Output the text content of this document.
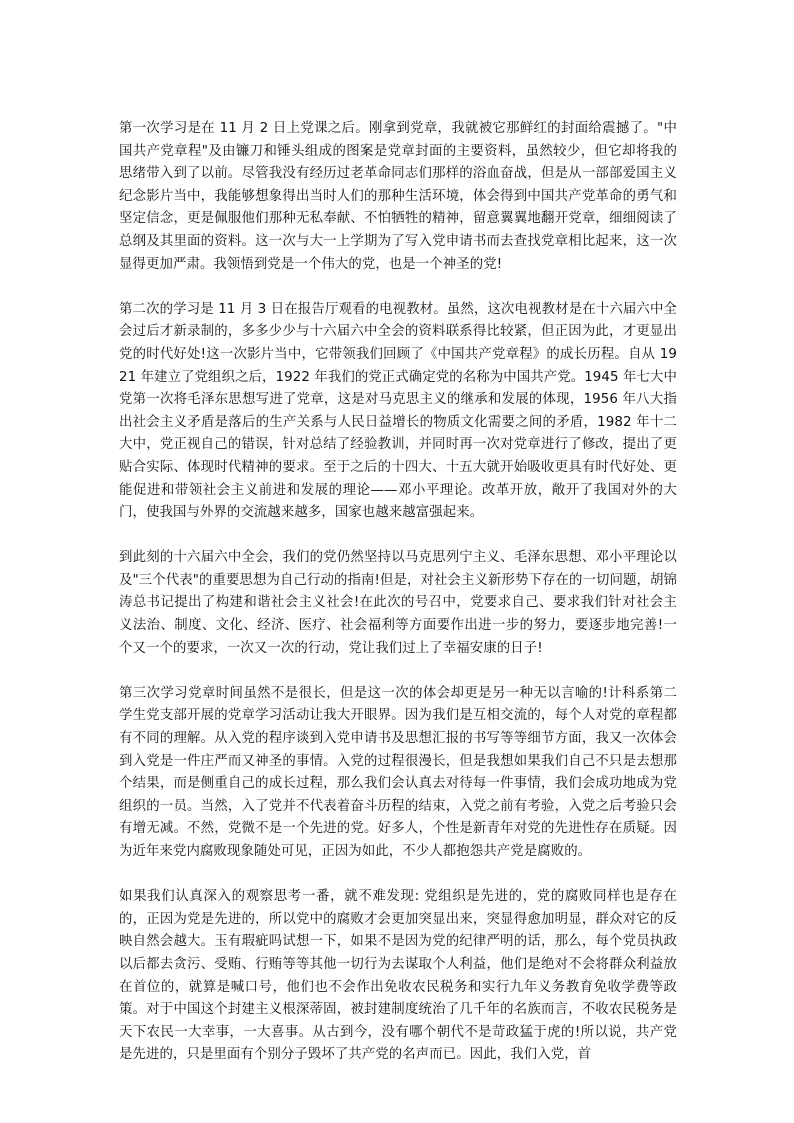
第一次学习是在 11 月 2 日上党课之后。刚拿到党章，我就被它那鲜红的封面给震撼了。"中国共产党章程"及由镰刀和锤头组成的图案是党章封面的主要资料，虽然较少，但它却将我的思绪带入到了以前。尽管我没有经历过老革命同志们那样的浴血奋战，但是从一部部爱国主义纪念影片当中，我能够想象得出当时人们的那种生活环境，体会得到中国共产党革命的勇气和坚定信念，更是佩服他们那种无私奉献、不怕牺牲的精神，留意翼翼地翻开党章，细细阅读了总纲及其里面的资料。这一次与大一上学期为了写入党申请书而去查找党章相比起来，这一次显得更加严肃。我领悟到党是一个伟大的党，也是一个神圣的党!

第二次的学习是 11 月 3 日在报告厅观看的电视教材。虽然，这次电视教材是在十六届六中全会过后才新录制的，多多少少与十六届六中全会的资料联系得比较紧，但正因为此，才更显出党的时代好处!这一次影片当中，它带领我们回顾了《中国共产党章程》的成长历程。自从 1921 年建立了党组织之后，1922 年我们的党正式确定党的名称为中国共产党。1945 年七大中党第一次将毛泽东思想写进了党章，这是对马克思主义的继承和发展的体现，1956 年八大指出社会主义矛盾是落后的生产关系与人民日益增长的物质文化需要之间的矛盾，1982 年十二大中，党正视自己的错误，针对总结了经验教训，并同时再一次对党章进行了修改，提出了更贴合实际、体现时代精神的要求。至于之后的十四大、十五大就开始吸收更具有时代好处、更能促进和带领社会主义前进和发展的理论——邓小平理论。改革开放，敞开了我国对外的大门，使我国与外界的交流越来越多，国家也越来越富强起来。

到此刻的十六届六中全会，我们的党仍然坚持以马克思列宁主义、毛泽东思想、邓小平理论以及"三个代表"的重要思想为自己行动的指南!但是，对社会主义新形势下存在的一切问题，胡锦涛总书记提出了构建和谐社会主义社会!在此次的号召中，党要求自己、要求我们针对社会主义法治、制度、文化、经济、医疗、社会福利等方面要作出进一步的努力，要逐步地完善!一个又一个的要求，一次又一次的行动，党让我们过上了幸福安康的日子!

第三次学习党章时间虽然不是很长，但是这一次的体会却更是另一种无以言喻的!计科系第二学生党支部开展的党章学习活动让我大开眼界。因为我们是互相交流的，每个人对党的章程都有不同的理解。从入党的程序谈到入党申请书及思想汇报的书写等等细节方面，我又一次体会到入党是一件庄严而又神圣的事情。入党的过程很漫长，但是我想如果我们自己不只是去想那个结果，而是侧重自己的成长过程，那么我们会认真去对待每一件事情，我们会成功地成为党组织的一员。当然，入了党并不代表着奋斗历程的结束，入党之前有考验，入党之后考验只会有增无减。不然，党微不是一个先进的党。好多人，个性是新青年对党的先进性存在质疑。因为近年来党内腐败现象随处可见，正因为如此，不少人都抱怨共产党是腐败的。

如果我们认真深入的观察思考一番，就不难发现: 党组织是先进的，党的腐败同样也是存在的，正因为党是先进的，所以党中的腐败才会更加突显出来，突显得愈加明显，群众对它的反映自然会越大。玉有瑕疵吗试想一下，如果不是因为党的纪律严明的话，那么，每个党员执政以后都去贪污、受贿、行贿等等其他一切行为去谋取个人利益，他们是绝对不会将群众利益放在首位的，就算是喊口号，他们也不会作出免收农民税务和实行九年义务教育免收学费等政策。对于中国这个封建主义根深蒂固，被封建制度统治了几千年的名族而言，不收农民税务是天下农民一大幸事，一大喜事。从古到今，没有哪个朝代不是苛政猛于虎的!所以说，共产党是先进的，只是里面有个别分子毁坏了共产党的名声而已。因此，我们入党，首
